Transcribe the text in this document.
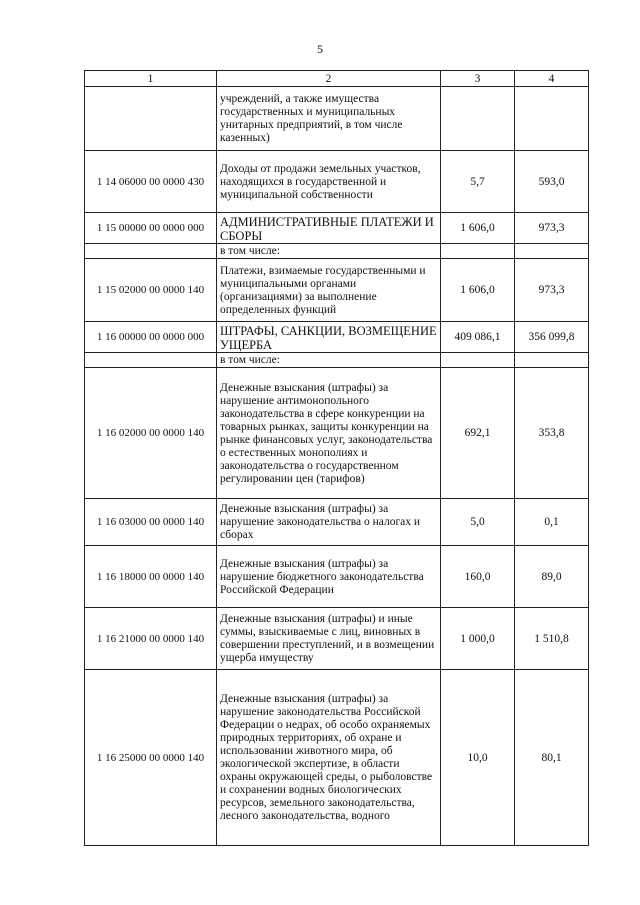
5
1	2	3	4
	учреждений, а также имущества государственных и муниципальных унитарных предприятий, в том числе казенных)		
1 14 06000 00 0000 430	Доходы от продажи земельных участков, находящихся в государственной и муниципальной собственности	5,7	593,0
1 15 00000 00 0000 000	АДМИНИСТРАТИВНЫЕ ПЛАТЕЖИ И СБОРЫ	1 606,0	973,3
	в том числе:		
1 15 02000 00 0000 140	Платежи, взимаемые государственными и муниципальными органами (организациями) за выполнение определенных функций	1 606,0	973,3
1 16 00000 00 0000 000	ШТРАФЫ, САНКЦИИ, ВОЗМЕЩЕНИЕ УЩЕРБА	409 086,1	356 099,8
	в том числе:		
1 16 02000 00 0000 140	Денежные взыскания (штрафы) за нарушение антимонопольного законодательства в сфере конкуренции на товарных рынках, защиты конкуренции на рынке финансовых услуг, законодательства о естественных монополиях и законодательства о государственном регулировании цен (тарифов)	692,1	353,8
1 16 03000 00 0000 140	Денежные взыскания (штрафы) за нарушение законодательства о налогах и сборах	5,0	0,1
1 16 18000 00 0000 140	Денежные взыскания (штрафы) за нарушение бюджетного законодательства Российской Федерации	160,0	89,0
1 16 21000 00 0000 140	Денежные взыскания (штрафы) и иные суммы, взыскиваемые с лиц, виновных в совершении преступлений, и в возмещении ущерба имуществу	1 000,0	1 510,8
1 16 25000 00 0000 140	Денежные взыскания (штрафы) за нарушение законодательства Российской Федерации о недрах, об особо охраняемых природных территориях, об охране и использовании животного мира, об экологической экспертизе, в области охраны окружающей среды, о рыболовстве и сохранении водных биологических ресурсов, земельного законодательства, лесного законодательства, водного	10,0	80,1
